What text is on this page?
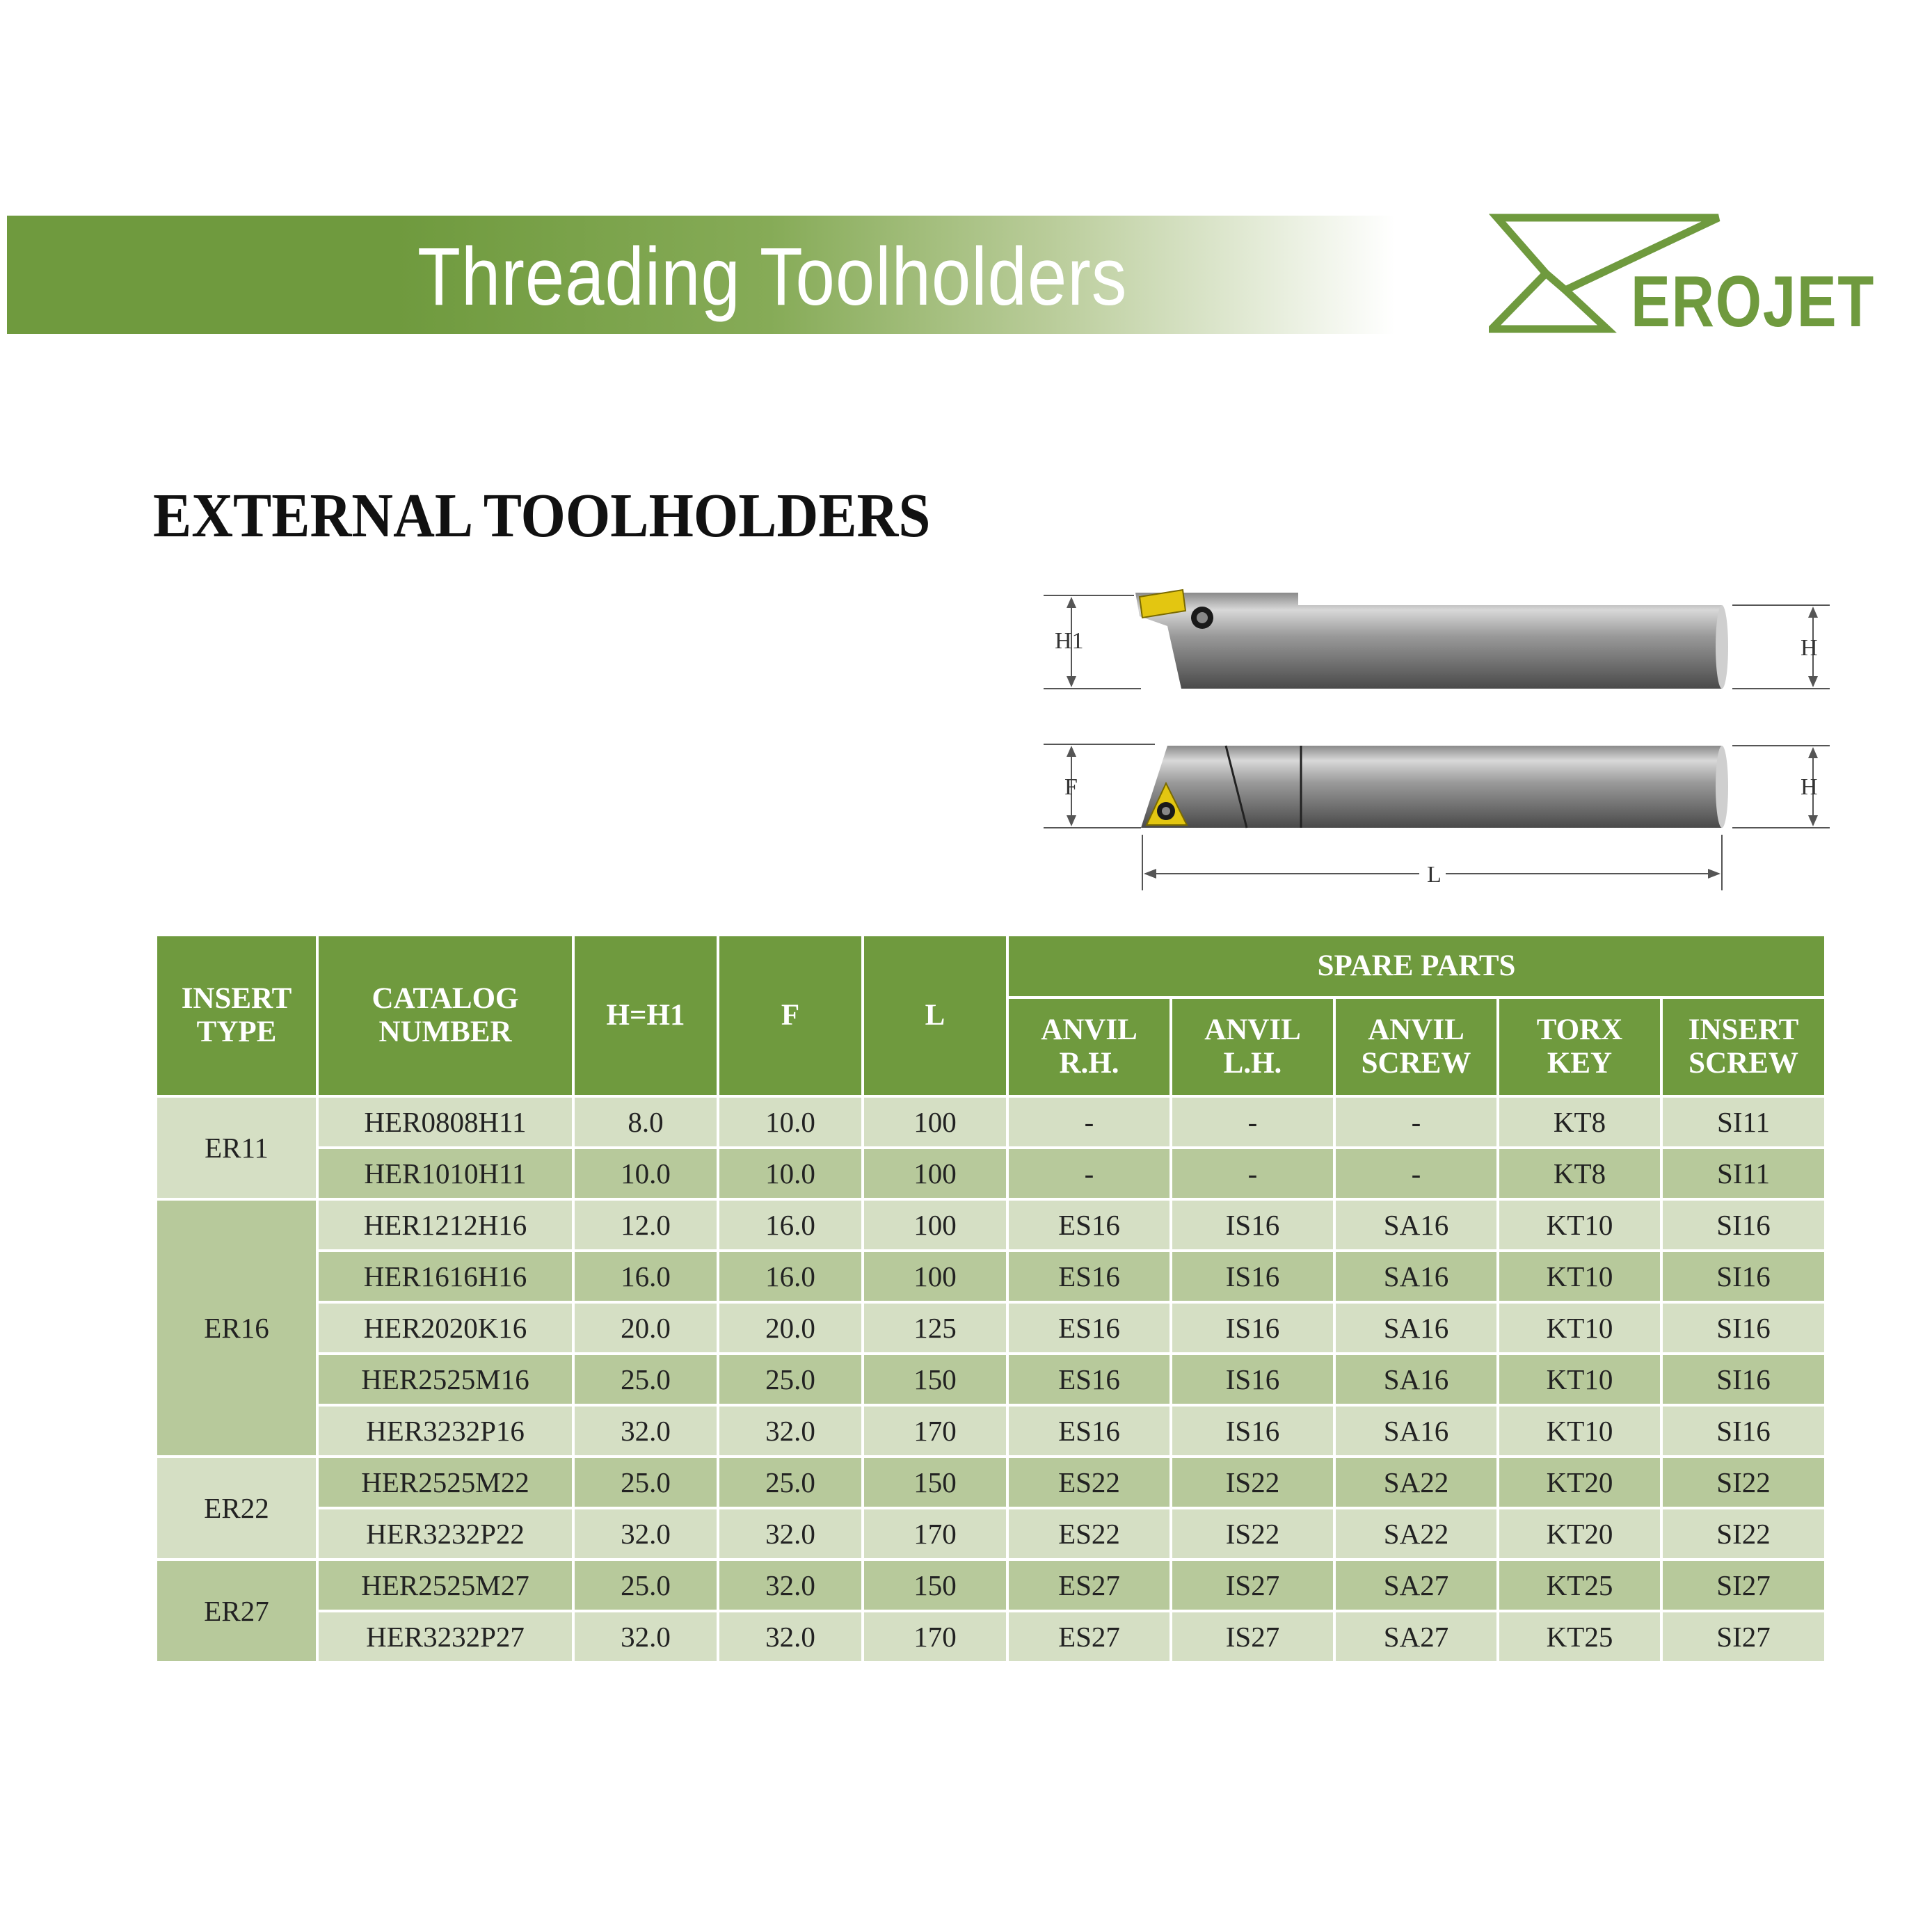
Threading Toolholders	EROJET
EXTERNAL TOOLHOLDERS
H1	H
F	H
L
INSERT TYPE	CATALOG NUMBER	H=H1	F	L	SPARE PARTS				
					ANVIL R.H.	ANVIL L.H.	ANVIL SCREW	TORX KEY	INSERT SCREW
ER11	HER0808H11	8.0	10.0	100	-	-	-	KT8	SI11
	HER1010H11	10.0	10.0	100	-	-	-	KT8	SI11
ER16	HER1212H16	12.0	16.0	100	ES16	IS16	SA16	KT10	SI16
	HER1616H16	16.0	16.0	100	ES16	IS16	SA16	KT10	SI16
	HER2020K16	20.0	20.0	125	ES16	IS16	SA16	KT10	SI16
	HER2525M16	25.0	25.0	150	ES16	IS16	SA16	KT10	SI16
	HER3232P16	32.0	32.0	170	ES16	IS16	SA16	KT10	SI16
ER22	HER2525M22	25.0	25.0	150	ES22	IS22	SA22	KT20	SI22
	HER3232P22	32.0	32.0	170	ES22	IS22	SA22	KT20	SI22
ER27	HER2525M27	25.0	32.0	150	ES27	IS27	SA27	KT25	SI27
	HER3232P27	32.0	32.0	170	ES27	IS27	SA27	KT25	SI27
